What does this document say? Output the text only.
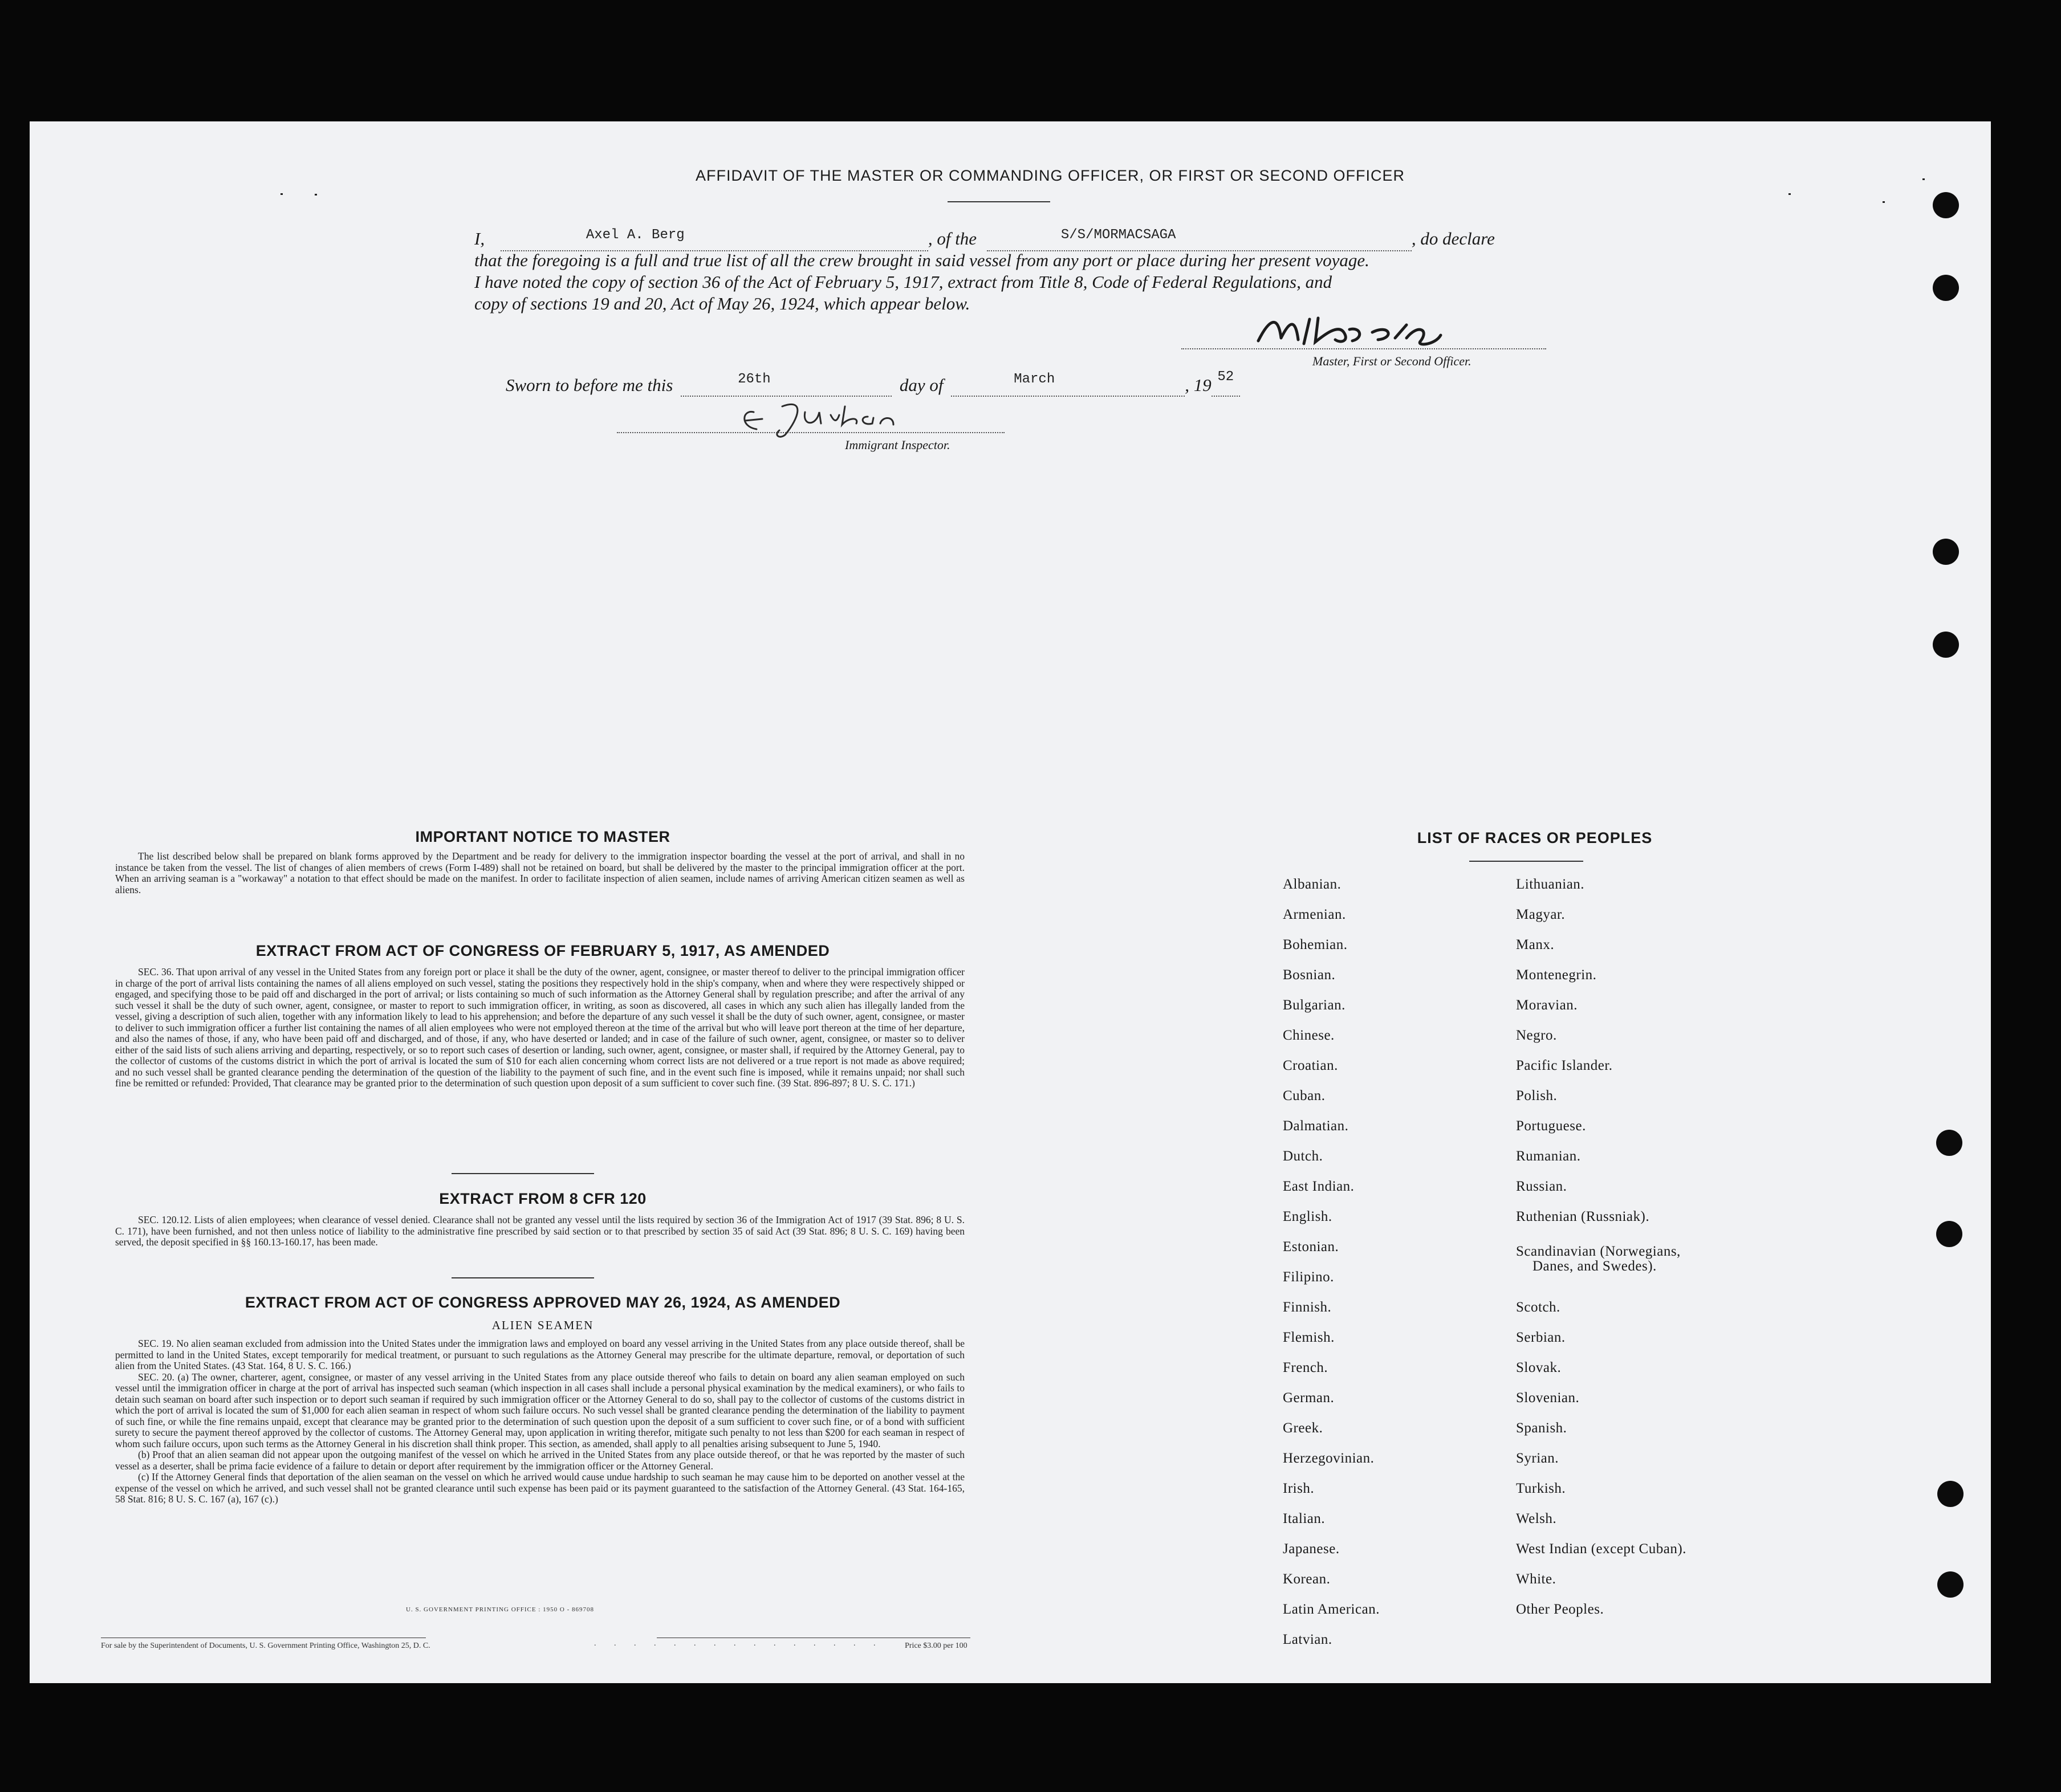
AFFIDAVIT OF THE MASTER OR COMMANDING OFFICER, OR FIRST OR SECOND OFFICER
I,	Axel A. Berg	, of the	S/S/MORMACSAGA	, do declare
that the foregoing is a full and true list of all the crew brought in said vessel from any port or place during her present voyage.
I have noted the copy of section 36 of the Act of February 5, 1917, extract from Title 8, Code of Federal Regulations, and
copy of sections 19 and 20, Act of May 26, 1924, which appear below.
Master, First or Second Officer.
Sworn to before me this	26th	day of	March	, 19 52

Immigrant Inspector.
IMPORTANT NOTICE TO MASTER

The list described below shall be prepared on blank forms approved by the Department and be ready for delivery to the immigration inspector boarding the vessel at the port of arrival, and shall in no instance be taken from the vessel. The list of changes of alien members of crews (Form I-489) shall not be retained on board, but shall be delivered by the master to the principal immigration officer at the port. When an arriving seaman is a "workaway" a notation to that effect should be made on the manifest. In order to facilitate inspection of alien seamen, include names of arriving American citizen seamen as well as aliens.

EXTRACT FROM ACT OF CONGRESS OF FEBRUARY 5, 1917, AS AMENDED

SEC. 36. That upon arrival of any vessel in the United States from any foreign port or place it shall be the duty of the owner, agent, consignee, or master thereof to deliver to the principal immigration officer in charge of the port of arrival lists containing the names of all aliens employed on such vessel, stating the positions they respectively hold in the ship's company, when and where they were respectively shipped or engaged, and specifying those to be paid off and discharged in the port of arrival; or lists containing so much of such information as the Attorney General shall by regulation prescribe; and after the arrival of any such vessel it shall be the duty of such owner, agent, consignee, or master to report to such immigration officer, in writing, as soon as discovered, all cases in which any such alien has illegally landed from the vessel, giving a description of such alien, together with any information likely to lead to his apprehension; and before the departure of any such vessel it shall be the duty of such owner, agent, consignee, or master to deliver to such immigration officer a further list containing the names of all alien employees who were not employed thereon at the time of the arrival but who will leave port thereon at the time of her departure, and also the names of those, if any, who have been paid off and discharged, and of those, if any, who have deserted or landed; and in case of the failure of such owner, agent, consignee, or master so to deliver either of the said lists of such aliens arriving and departing, respectively, or so to report such cases of desertion or landing, such owner, agent, consignee, or master shall, if required by the Attorney General, pay to the collector of customs of the customs district in which the port of arrival is located the sum of $10 for each alien concerning whom correct lists are not delivered or a true report is not made as above required; and no such vessel shall be granted clearance pending the determination of the question of the liability to the payment of such fine, and in the event such fine is imposed, while it remains unpaid; nor shall such fine be remitted or refunded: Provided, That clearance may be granted prior to the determination of such question upon deposit of a sum sufficient to cover such fine. (39 Stat. 896-897; 8 U. S. C. 171.)

EXTRACT FROM 8 CFR 120

SEC. 120.12. Lists of alien employees; when clearance of vessel denied. Clearance shall not be granted any vessel until the lists required by section 36 of the Immigration Act of 1917 (39 Stat. 896; 8 U. S. C. 171), have been furnished, and not then unless notice of liability to the administrative fine prescribed by said section or to that prescribed by section 35 of said Act (39 Stat. 896; 8 U. S. C. 169) having been served, the deposit specified in §§ 160.13-160.17, has been made.

EXTRACT FROM ACT OF CONGRESS APPROVED MAY 26, 1924, AS AMENDED
ALIEN SEAMEN

SEC. 19. No alien seaman excluded from admission into the United States under the immigration laws and employed on board any vessel arriving in the United States from any place outside thereof, shall be permitted to land in the United States, except temporarily for medical treatment, or pursuant to such regulations as the Attorney General may prescribe for the ultimate departure, removal, or deportation of such alien from the United States. (43 Stat. 164, 8 U. S. C. 166.)

SEC. 20. (a) The owner, charterer, agent, consignee, or master of any vessel arriving in the United States from any place outside thereof who fails to detain on board any alien seaman employed on such vessel until the immigration officer in charge at the port of arrival has inspected such seaman (which inspection in all cases shall include a personal physical examination by the medical examiners), or who fails to detain such seaman on board after such inspection or to deport such seaman if required by such immigration officer or the Attorney General to do so, shall pay to the collector of customs of the customs district in which the port of arrival is located the sum of $1,000 for each alien seaman in respect of whom such failure occurs. No such vessel shall be granted clearance pending the determination of the liability to payment of such fine, or while the fine remains unpaid, except that clearance may be granted prior to the determination of such question upon the deposit of a sum sufficient to cover such fine, or of a bond with sufficient surety to secure the payment thereof approved by the collector of customs. The Attorney General may, upon application in writing therefor, mitigate such penalty to not less than $200 for each seaman in respect of whom such failure occurs, upon such terms as the Attorney General in his discretion shall think proper. This section, as amended, shall apply to all penalties arising subsequent to June 5, 1940.

(b) Proof that an alien seaman did not appear upon the outgoing manifest of the vessel on which he arrived in the United States from any place outside thereof, or that he was reported by the master of such vessel as a deserter, shall be prima facie evidence of a failure to detain or deport after requirement by the immigration officer or the Attorney General.

(c) If the Attorney General finds that deportation of the alien seaman on the vessel on which he arrived would cause undue hardship to such seaman he may cause him to be deported on another vessel at the expense of the vessel on which he arrived, and such vessel shall not be granted clearance until such expense has been paid or its payment guaranteed to the satisfaction of the Attorney General. (43 Stat. 164-165, 58 Stat. 816; 8 U. S. C. 167 (a), 167 (c).)

U. S. GOVERNMENT PRINTING OFFICE : 1950 O - 869708
For sale by the Superintendent of Documents, U. S. Government Printing Office, Washington 25, D. C.	. . . . . . . . . . . . . . .	Price $3.00 per 100
LIST OF RACES OR PEOPLES
Albanian.
Armenian.
Bohemian.
Bosnian.
Bulgarian.
Chinese.
Croatian.
Cuban.
Dalmatian.
Dutch.
East Indian.
English.
Estonian.
Filipino.
Finnish.
Flemish.
French.
German.
Greek.
Herzegovinian.
Irish.
Italian.
Japanese.
Korean.
Latin American.
Latvian.
Lithuanian.
Magyar.
Manx.
Montenegrin.
Moravian.
Negro.
Pacific Islander.
Polish.
Portuguese.
Rumanian.
Russian.
Ruthenian (Russniak).
Scandinavian (Norwegians,
Danes, and Swedes).
Scotch.
Serbian.
Slovak.
Slovenian.
Spanish.
Syrian.
Turkish.
Welsh.
West Indian (except Cuban).
White.
Other Peoples.
